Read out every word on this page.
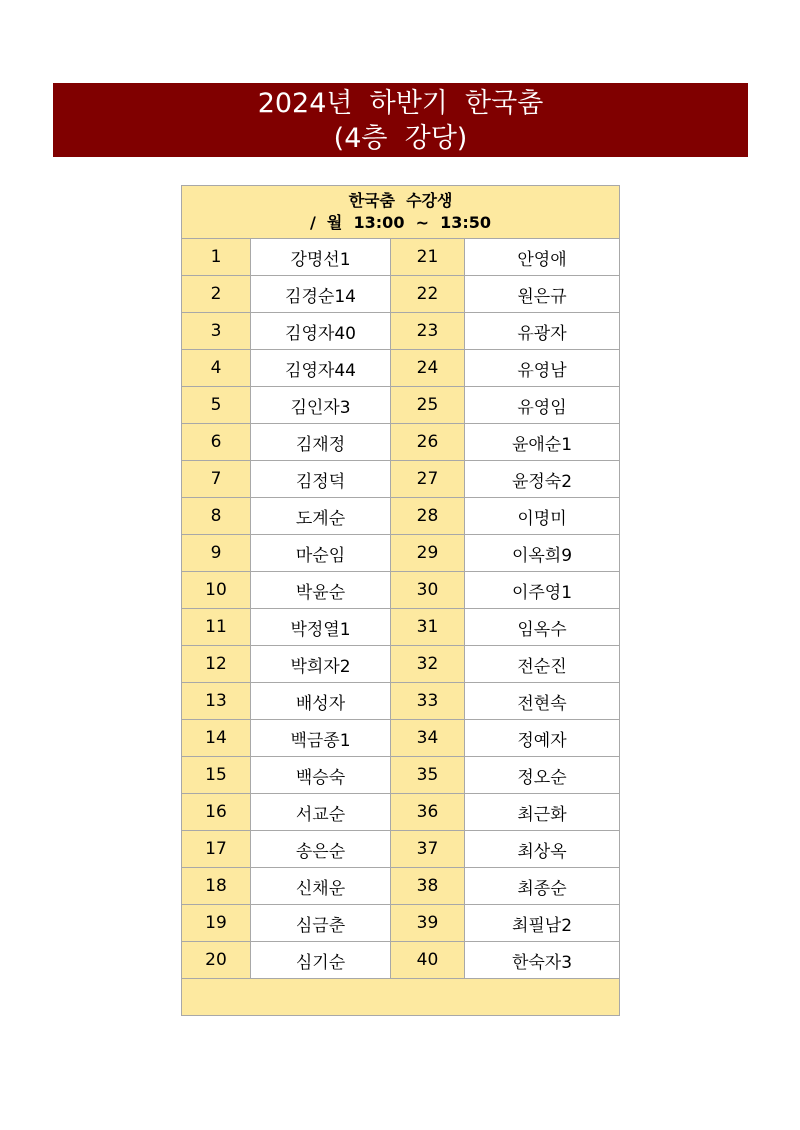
2024년  하반기  한국춤
(4층  강당)
한국춤  수강생
/  월  13:00  ~  13:50			

1	강명선1	21	안영애
2	김경순14	22	원은규
3	김영자40	23	유광자
4	김영자44	24	유영남
5	김인자3	25	유영임
6	김재정	26	윤애순1
7	김정덕	27	윤정숙2
8	도계순	28	이명미
9	마순임	29	이옥희9
10	박윤순	30	이주영1
11	박정열1	31	임옥수
12	박희자2	32	전순진
13	배성자	33	전현속
14	백금종1	34	정예자
15	백승숙	35	정오순
16	서교순	36	최근화
17	송은순	37	최상옥
18	신채운	38	최종순
19	심금춘	39	최필남2
20	심기순	40	한숙자3
